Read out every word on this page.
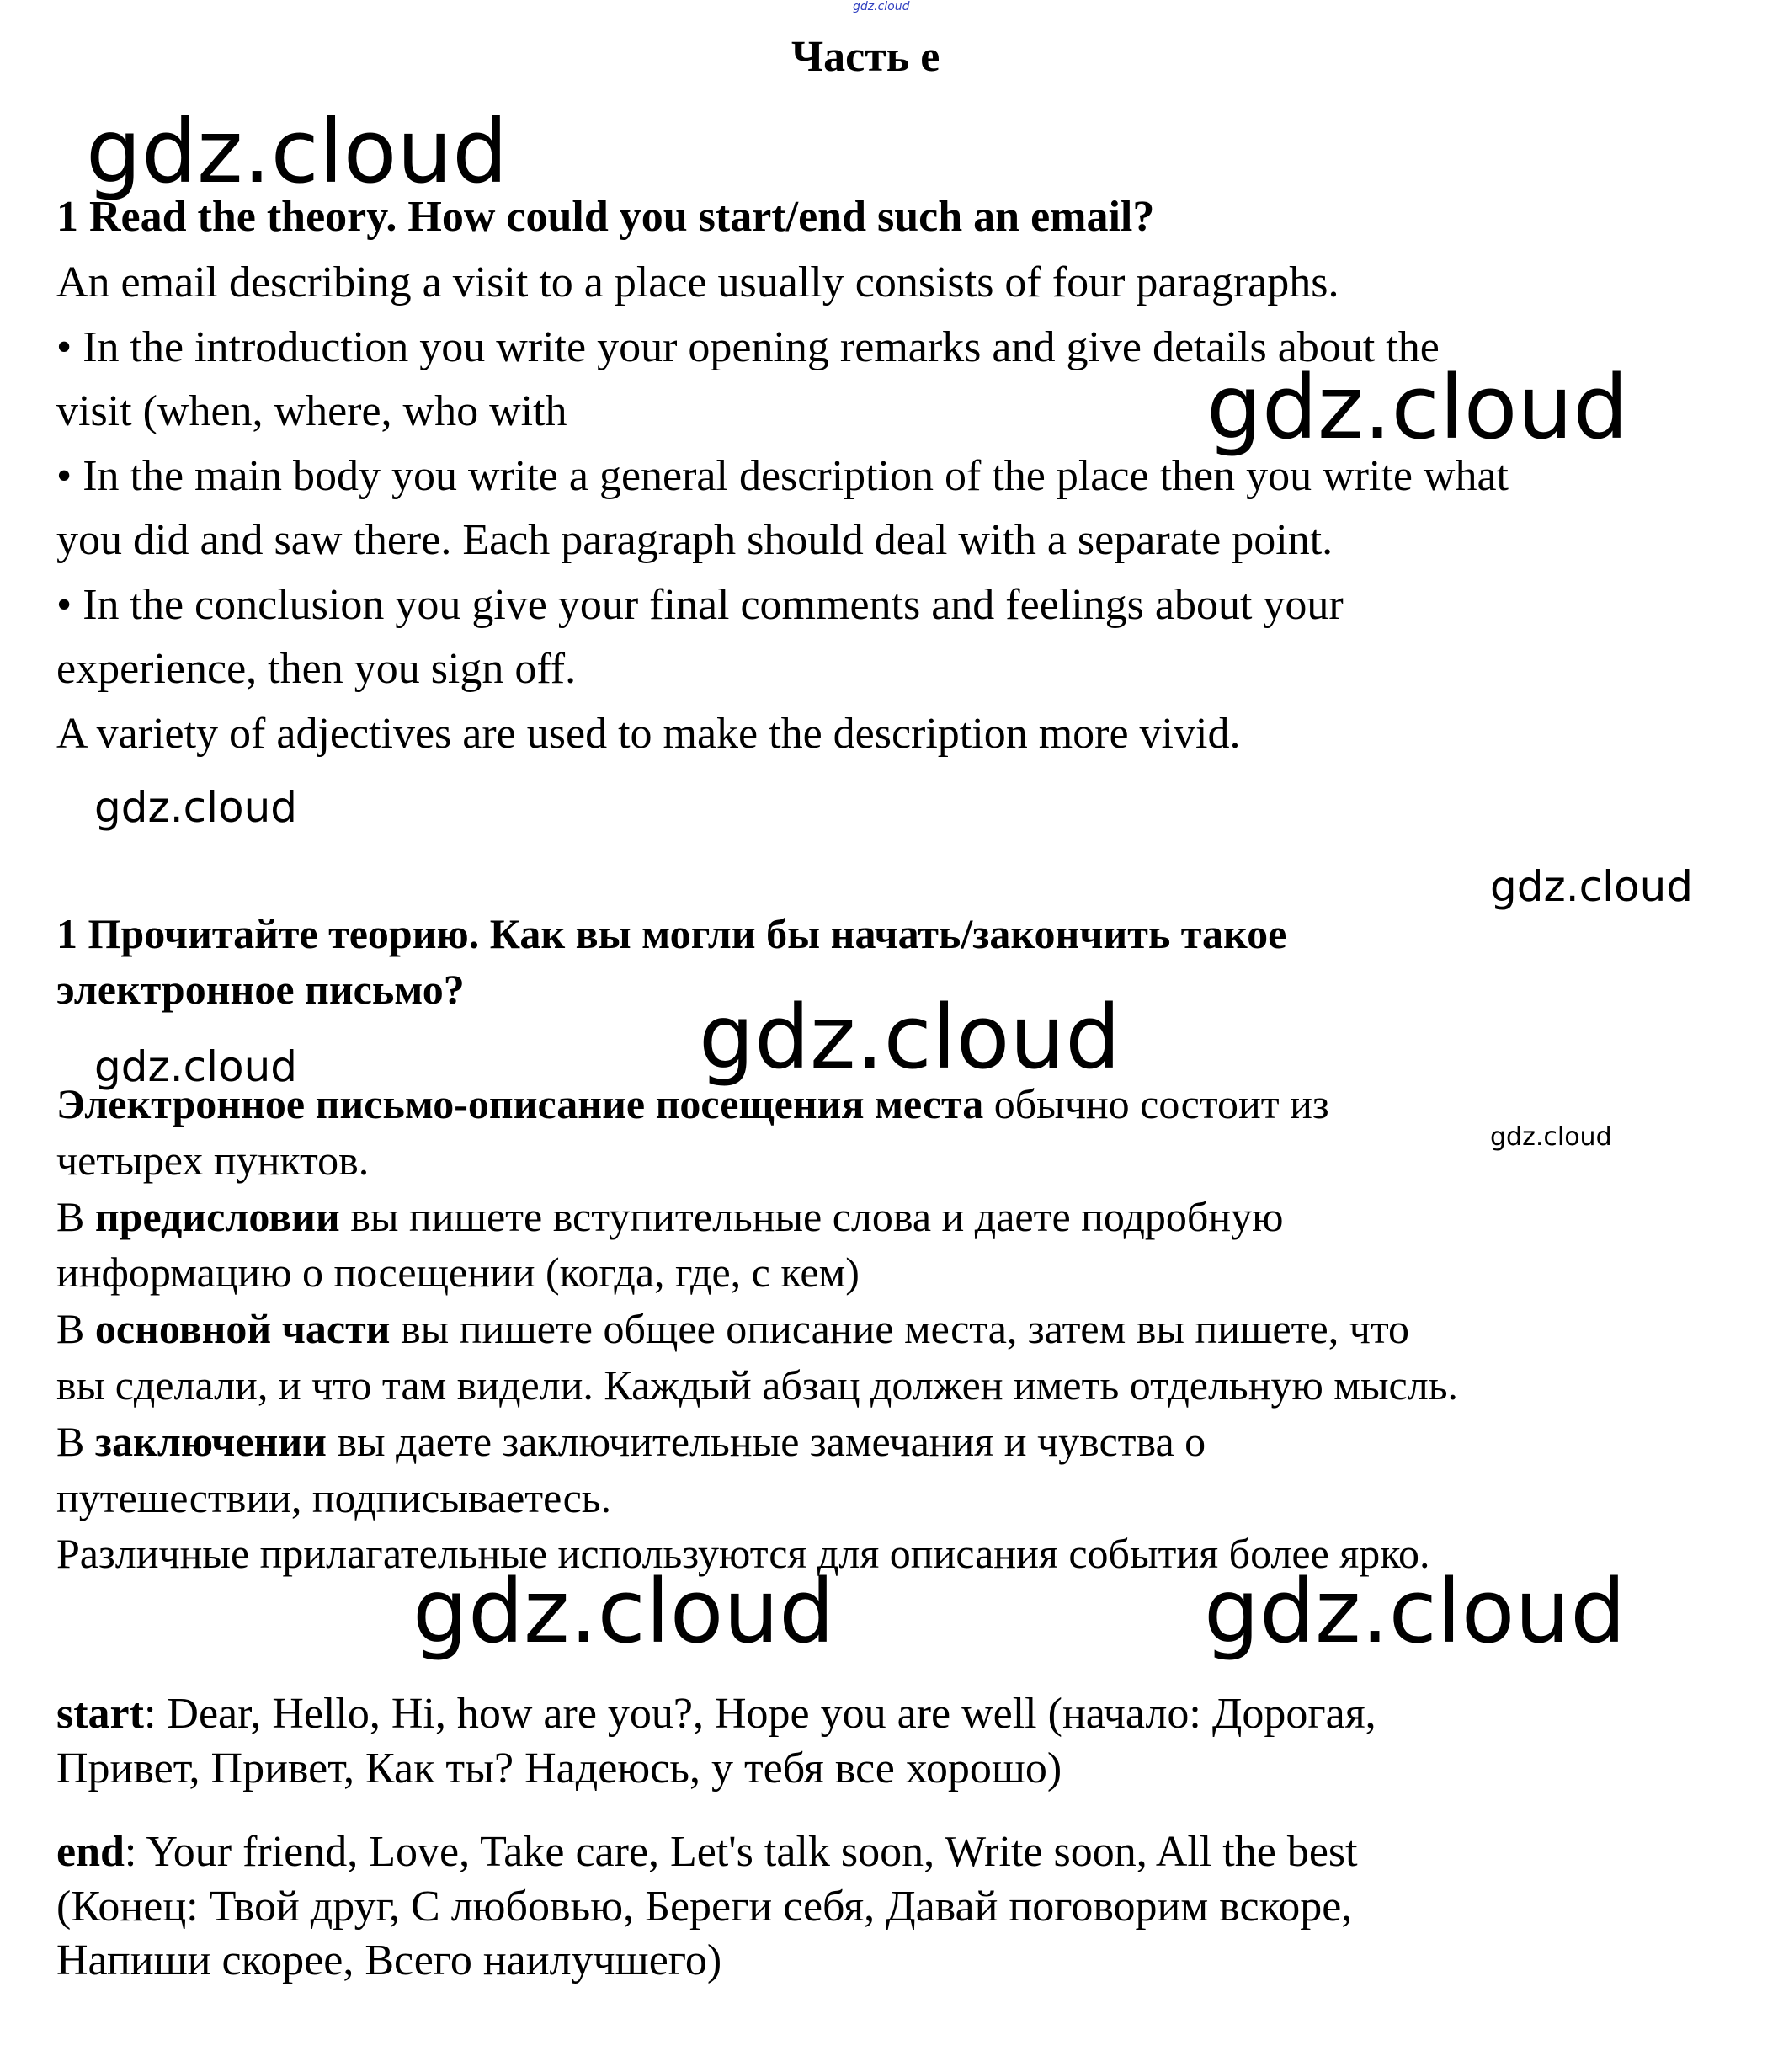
gdz.cloud
Часть е
gdz.cloud
gdz.cloud
gdz.cloud
gdz.cloud
gdz.cloud
gdz.cloud
gdz.cloud
gdz.cloud	gdz.cloud
1 Read the theory. How could you start/end such an email?
An email describing a visit to a place usually consists of four paragraphs.
• In the introduction you write your opening remarks and give details about the
visit (when, where, who with
• In the main body you write a general description of the place then you write what
you did and saw there. Each paragraph should deal with a separate point.
• In the conclusion you give your final comments and feelings about your
experience, then you sign off.
A variety of adjectives are used to make the description more vivid.
1 Прочитайте теорию. Как вы могли бы начать/закончить такое
электронное письмо?
Электронное письмо-описание посещения места обычно состоит из
четырех пунктов.
В предисловии вы пишете вступительные слова и даете подробную
информацию о посещении (когда, где, с кем)
В основной части вы пишете общее описание места, затем вы пишете, что
вы сделали, и что там видели. Каждый абзац должен иметь отдельную мысль.
В заключении вы даете заключительные замечания и чувства о
путешествии, подписываетесь.
Различные прилагательные используются для описания события более ярко.
start: Dear, Hello, Hi, how are you?, Hope you are well (начало: Дорогая,
Привет, Привет, Как ты? Надеюсь, у тебя все хорошо)
end: Your friend, Love, Take care, Let's talk soon, Write soon, All the best
(Конец: Твой друг, С любовью, Береги себя, Давай поговорим вскоре,
Напиши скорее, Всего наилучшего)
